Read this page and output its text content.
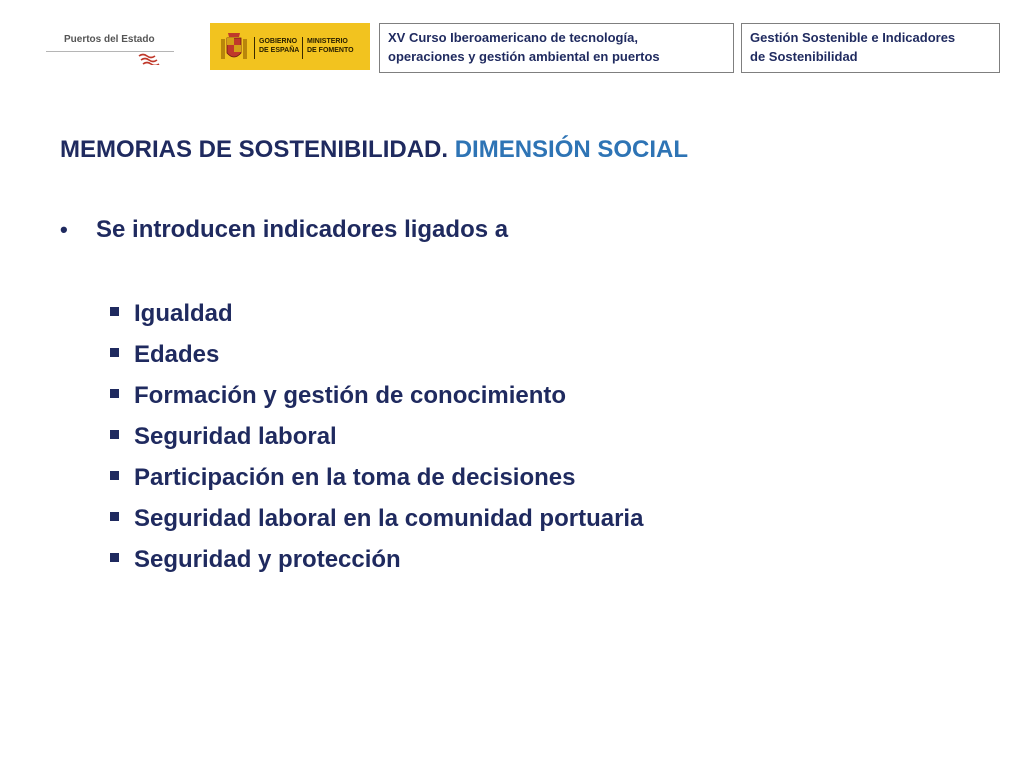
Puertos del Estado	GOBIERNO
DE ESPAÑA
MINISTERIO
DE FOMENTO
XV Curso Iberoamericano de tecnología,
operaciones y gestión ambiental en puertos
Gestión Sostenible e Indicadores
de Sostenibilidad
MEMORIAS DE SOSTENIBILIDAD. DIMENSIÓN SOCIAL
• Se introducen indicadores ligados a
Igualdad
Edades
Formación y gestión de conocimiento
Seguridad laboral
Participación en la toma de decisiones
Seguridad laboral en la comunidad portuaria
Seguridad y protección
